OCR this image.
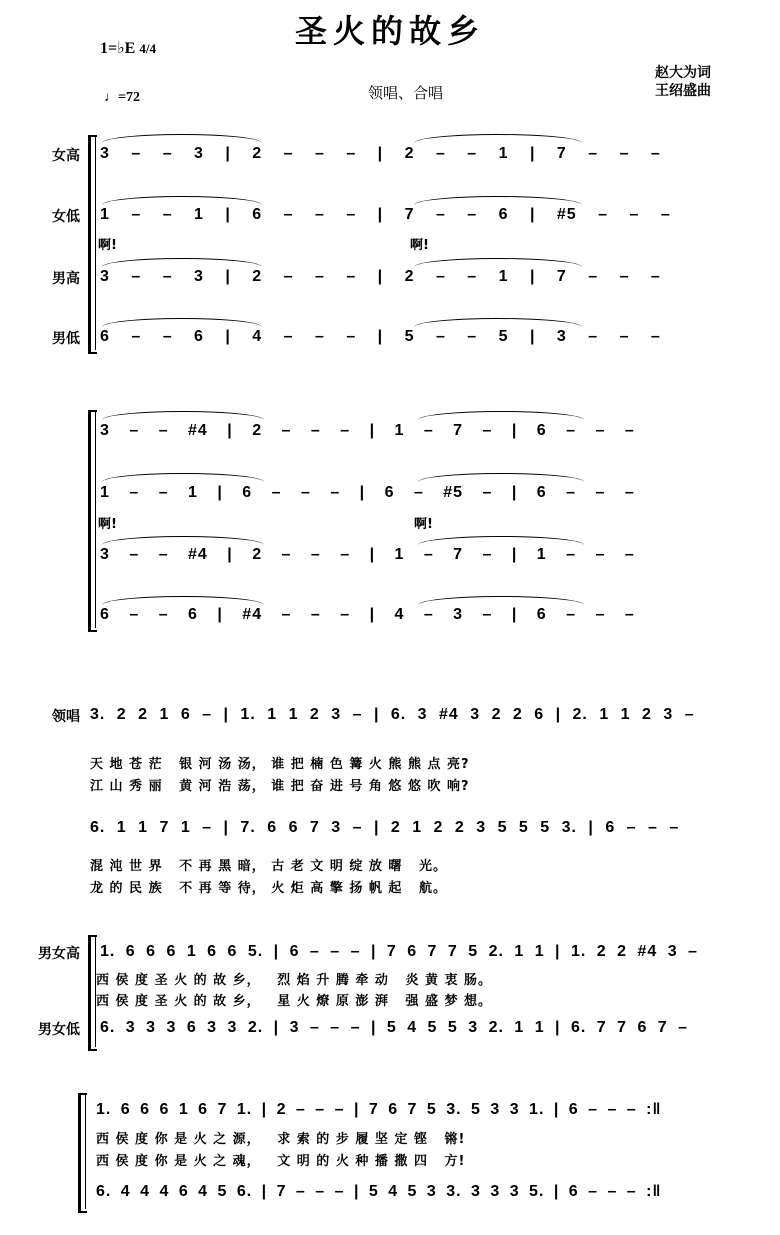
圣火的故乡
1=♭E 4/4
♩=72	领唱、合唱
赵大为词
王绍盛曲
女高
女低
男高
男低
啊!	啊!
3 – – 3 | 2 – – – | 2 – – 1 | 7 – – –
1 – – 1 | 6 – – – | 7 – – 6 | #5 – – –
3 – – 3 | 2 – – – | 2 – – 1 | 7 – – –
6 – – 6 | 4 – – – | 5 – – 5 | 3 – – –
啊!	啊!
3 – – #4 | 2 – – – | 1 – 7 – | 6 – – –
1 – – 1 | 6 – – – | 6 – #5 – | 6 – – –
3 – – #4 | 2 – – – | 1 – 7 – | 1 – – –
6 – – 6 | #4 – – – | 4 – 3 – | 6 – – –
领唱 3. 2 2 1 6 – | 1. 1 1 2 3 – | 6. 3 #4 3 2 2 6 | 2. 1 1 2 3 –
天 地 苍 茫   银 河 汤 汤， 谁 把 楠 色 篝 火 熊 熊 点 亮?
江 山 秀 丽   黄 河 浩 荡， 谁 把 奋 进 号 角 悠 悠 吹 响?
6. 1 1 7 1 – | 7. 6 6 7 3 – | 2 1 2 2 3 5 5 5 3. | 6 – – –
混 沌 世 界   不 再 黑 暗， 古 老 文 明 绽 放 曙   光。
龙 的 民 族   不 再 等 待， 火 炬 高 擎 扬 帆 起   航。
男女高
男女低
1. 6 6 6 1 6 6 5. | 6 – – – | 7 6 7 7 5 2. 1 1 | 1. 2 2 #4 3 –
西 侯 度 圣 火 的 故 乡，   烈 焰 升 腾 牵 动   炎 黄 衷 肠。
西 侯 度 圣 火 的 故 乡，   星 火 燎 原 澎 湃   强 盛 梦 想。
6. 3 3 3 6 3 3 2. | 3 – – – | 5 4 5 5 3 2. 1 1 | 6. 7 7 6 7 –
1. 6 6 6 1 6 7 1. | 2 – – – | 7 6 7 5 3. 5 3 3 1. | 6 – – – :‖
西 侯 度 你 是 火 之 源，   求 索 的 步 履 坚 定 铿   锵!
西 侯 度 你 是 火 之 魂，   文 明 的 火 种 播 撒 四   方!
6. 4 4 4 6 4 5 6. | 7 – – – | 5 4 5 3 3. 3 3 3 5. | 6 – – – :‖
